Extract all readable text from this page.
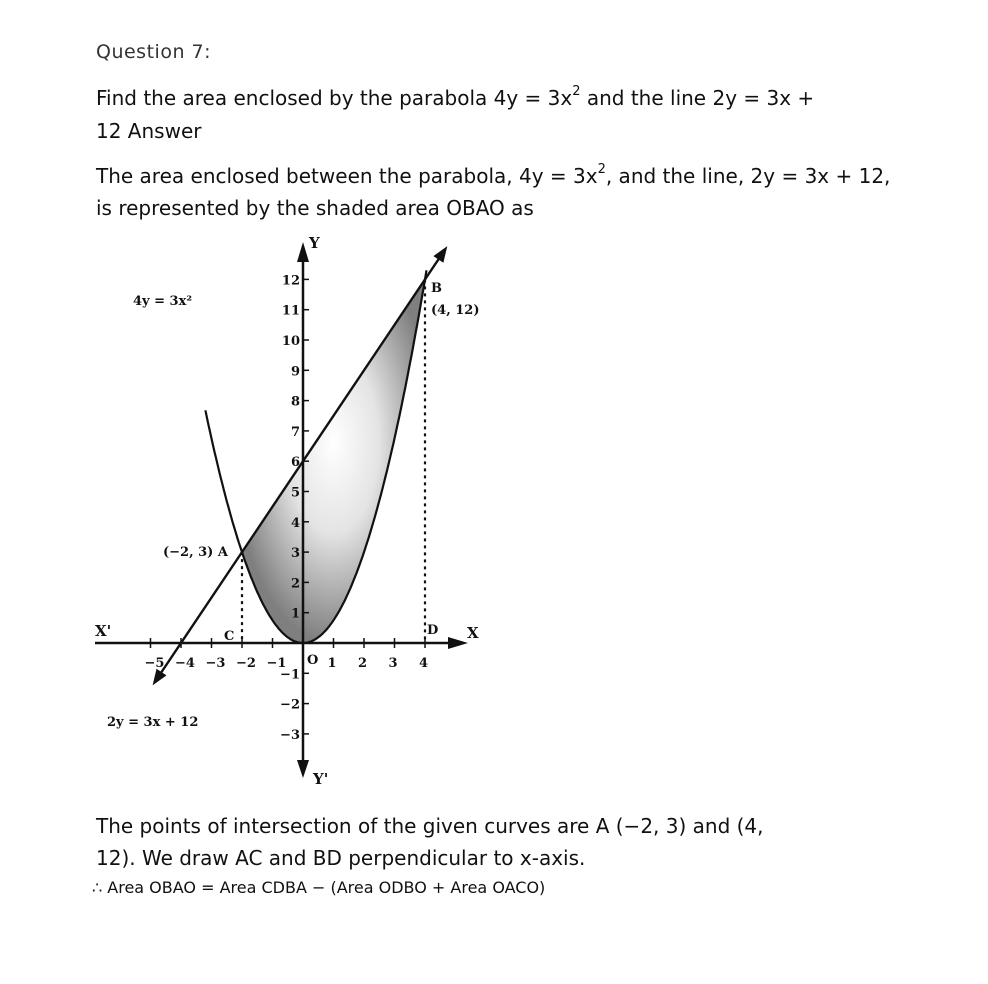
Question 7:

Find the area enclosed by the parabola $4y = 3x^2$ and the line 2y = 3x +

12 Answer

The area enclosed between the parabola, $4y = 3x^2$, and the line, 2y = 3x + 12,

is represented by the shaded area OBAO as

−5 −4 −3 −2 −1	1 2 3 4
12
11
10
9
8
7
6
5
4
3
2
1
−1
−2
−3
4y = 3x²
2y = 3x + 12
(−2, 3) A
B
(4, 12)
C	D
O
X
X'
Y
Y'

The points of intersection of the given curves are A (−2, 3) and (4,

12). We draw AC and BD perpendicular to x-axis.

∴ Area OBAO = Area CDBA − (Area ODBO + Area OACO)
